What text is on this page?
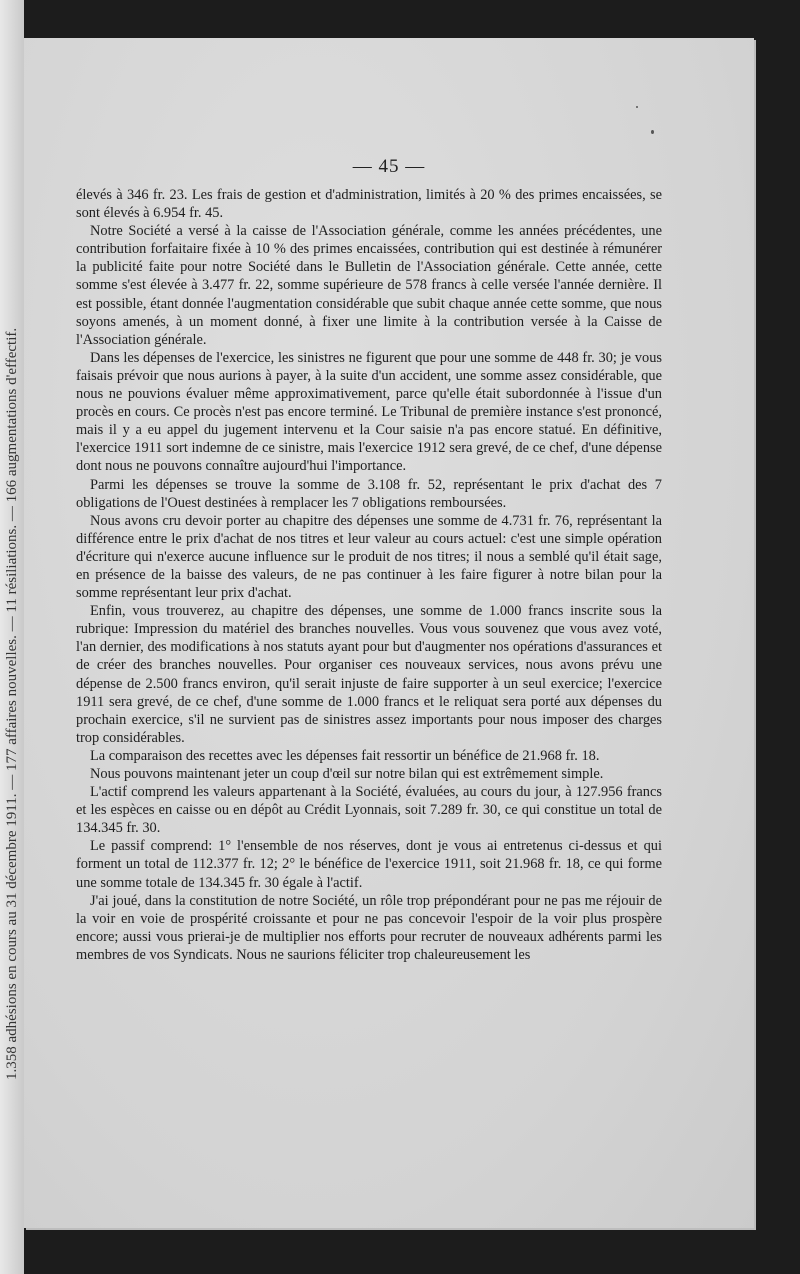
1.358 adhésions en cours au 31 décembre 1911. — 177 affaires nouvelles. — 11 résiliations. — 166 augmentations d'effectif.
— 45 —

élevés à 346 fr. 23. Les frais de gestion et d'administration, limités à 20 % des primes encaissées, se sont élevés à 6.954 fr. 45.

Notre Société a versé à la caisse de l'Association générale, comme les années précédentes, une contribution forfaitaire fixée à 10 % des primes encaissées, contribution qui est destinée à rémunérer la publicité faite pour notre Société dans le Bulletin de l'Association générale. Cette année, cette somme s'est élevée à 3.477 fr. 22, somme supérieure de 578 francs à celle versée l'année dernière. Il est possible, étant donnée l'augmentation considérable que subit chaque année cette somme, que nous soyons amenés, à un moment donné, à fixer une limite à la contribution versée à la Caisse de l'Association générale.

Dans les dépenses de l'exercice, les sinistres ne figurent que pour une somme de 448 fr. 30; je vous faisais prévoir que nous aurions à payer, à la suite d'un accident, une somme assez considérable, que nous ne pouvions évaluer même approximativement, parce qu'elle était subordonnée à l'issue d'un procès en cours. Ce procès n'est pas encore terminé. Le Tribunal de première instance s'est prononcé, mais il y a eu appel du jugement intervenu et la Cour saisie n'a pas encore statué. En définitive, l'exercice 1911 sort indemne de ce sinistre, mais l'exercice 1912 sera grevé, de ce chef, d'une dépense dont nous ne pouvons connaître aujourd'hui l'importance.

Parmi les dépenses se trouve la somme de 3.108 fr. 52, représentant le prix d'achat des 7 obligations de l'Ouest destinées à remplacer les 7 obligations remboursées.

Nous avons cru devoir porter au chapitre des dépenses une somme de 4.731 fr. 76, représentant la différence entre le prix d'achat de nos titres et leur valeur au cours actuel: c'est une simple opération d'écriture qui n'exerce aucune influence sur le produit de nos titres; il nous a semblé qu'il était sage, en présence de la baisse des valeurs, de ne pas continuer à les faire figurer à notre bilan pour la somme représentant leur prix d'achat.

Enfin, vous trouverez, au chapitre des dépenses, une somme de 1.000 francs inscrite sous la rubrique: Impression du matériel des branches nouvelles. Vous vous souvenez que vous avez voté, l'an dernier, des modifications à nos statuts ayant pour but d'augmenter nos opérations d'assurances et de créer des branches nouvelles. Pour organiser ces nouveaux services, nous avons prévu une dépense de 2.500 francs environ, qu'il serait injuste de faire supporter à un seul exercice; l'exercice 1911 sera grevé, de ce chef, d'une somme de 1.000 francs et le reliquat sera porté aux dépenses du prochain exercice, s'il ne survient pas de sinistres assez importants pour nous imposer des charges trop considérables.

La comparaison des recettes avec les dépenses fait ressortir un bénéfice de 21.968 fr. 18.

Nous pouvons maintenant jeter un coup d'œil sur notre bilan qui est extrêmement simple.

L'actif comprend les valeurs appartenant à la Société, évaluées, au cours du jour, à 127.956 francs et les espèces en caisse ou en dépôt au Crédit Lyonnais, soit 7.289 fr. 30, ce qui constitue un total de 134.345 fr. 30.

Le passif comprend: 1° l'ensemble de nos réserves, dont je vous ai entretenus ci-dessus et qui forment un total de 112.377 fr. 12; 2° le bénéfice de l'exercice 1911, soit 21.968 fr. 18, ce qui forme une somme totale de 134.345 fr. 30 égale à l'actif.

J'ai joué, dans la constitution de notre Société, un rôle trop prépondérant pour ne pas me réjouir de la voir en voie de prospérité croissante et pour ne pas concevoir l'espoir de la voir plus prospère encore; aussi vous prierai-je de multiplier nos efforts pour recruter de nouveaux adhérents parmi les membres de vos Syndicats. Nous ne saurions féliciter trop chaleureusement les
